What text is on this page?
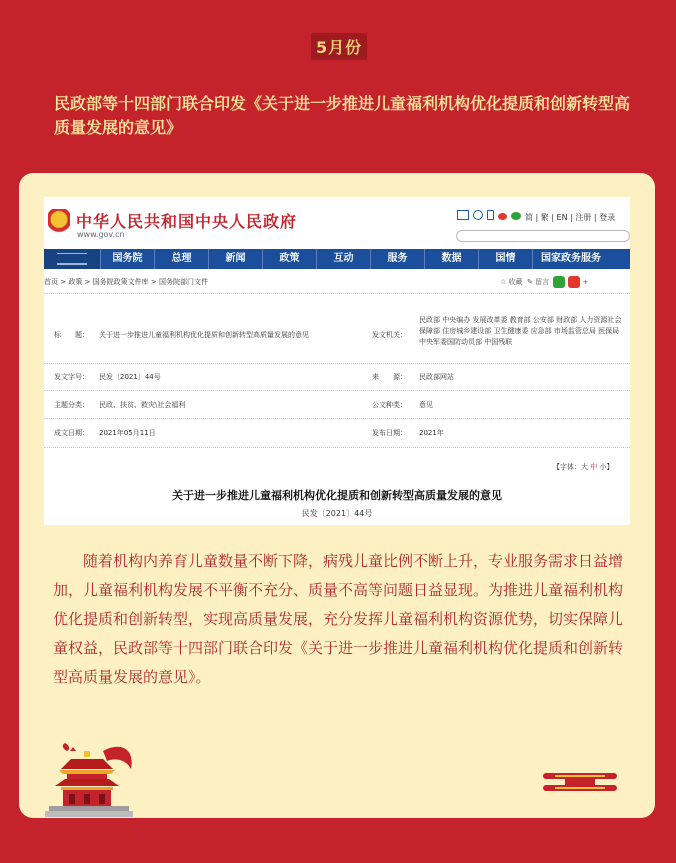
5月份
民政部等十四部门联合印发《关于进一步推进儿童福利机构优化提质和创新转型高质量发展的意见》
中华人民共和国中央人民政府
www.gov.cn
简 | 繁 | EN | 注册 | 登录
国务院	总理	新闻	政策	互动	服务	数据	国情	国家政务服务
首页 > 政策 > 国务院政策文件库 > 国务院部门文件	☆ 收藏 ✎ 留言	+
标　　题： 关于进一步推进儿童福利机构优化提质和创新转型高质量发展的意见	发文机关：
民政部 中央编办 发展改革委 教育部 公安部 财政部 人力资源社会保障部 住房城乡建设部 卫生健康委 应急部 市场监管总局 医保局 中央军委国防动员部 中国残联
发文字号： 民发〔2021〕44号	来　　源： 民政部网站
主题分类： 民政、扶贫、救灾\社会福利	公文种类： 意见
成文日期： 2021年05月11日	发布日期： 2021年
【字体：大 中 小】
关于进一步推进儿童福利机构优化提质和创新转型高质量发展的意见
民发〔2021〕44号
随着机构内养育儿童数量不断下降，病残儿童比例不断上升，专业服务需求日益增加，儿童福利机构发展不平衡不充分、质量不高等问题日益显现。为推进儿童福利机构优化提质和创新转型，实现高质量发展，充分发挥儿童福利机构资源优势，切实保障儿童权益，民政部等十四部门联合印发《关于进一步推进儿童福利机构优化提质和创新转型高质量发展的意见》。
